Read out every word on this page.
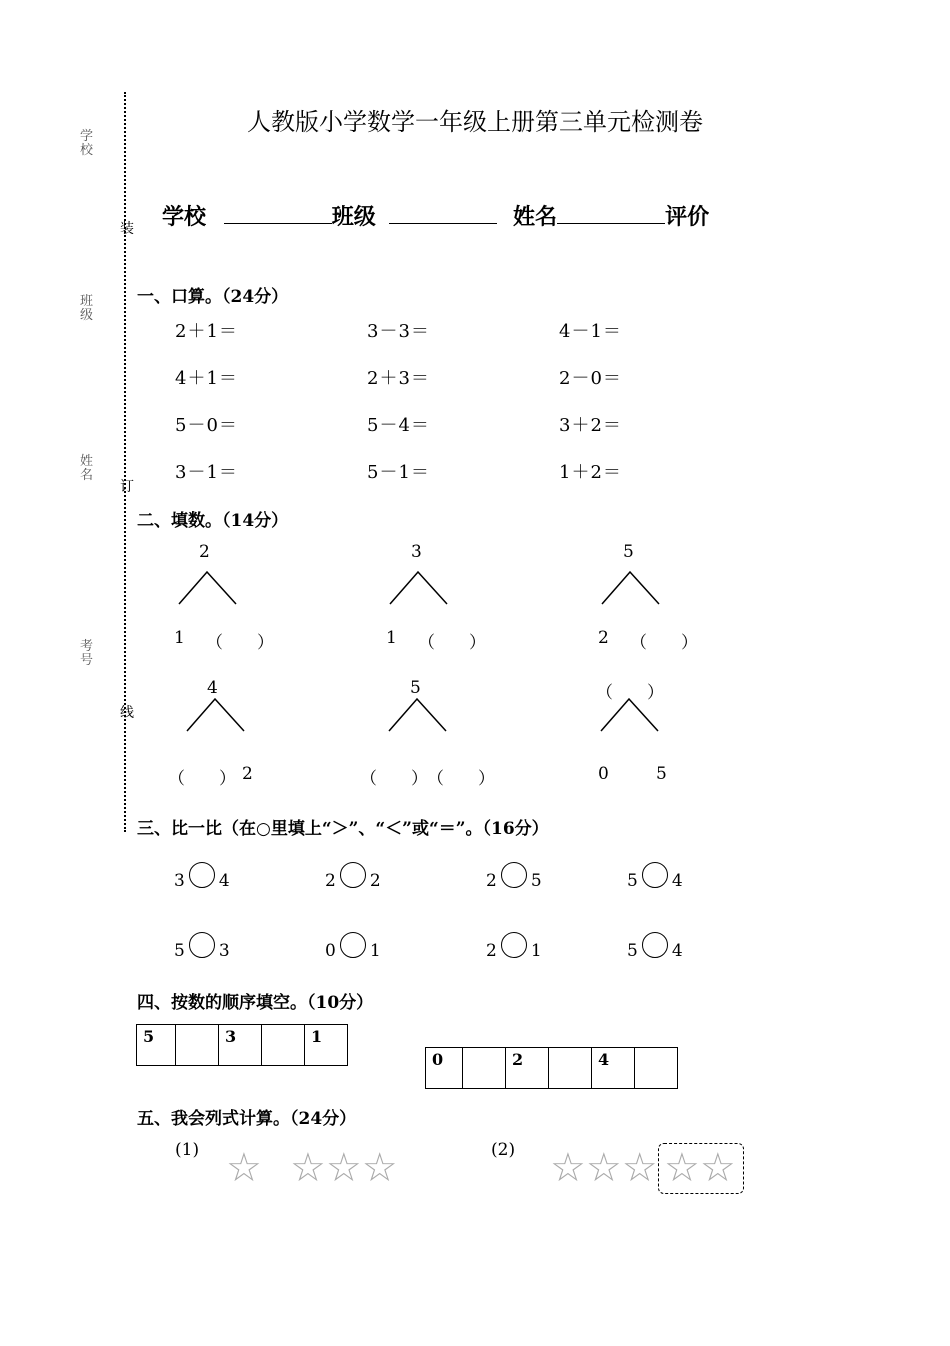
学校
班级
姓名
考号
装
订
线
人教版小学数学一年级上册第三单元检测卷
学校	班级	姓名	评价
一、口算。（24分）
2＋1＝	3－3＝	4－1＝
4＋1＝	2＋3＝	2－0＝
5－0＝	5－4＝	3＋2＝
3－1＝	5－1＝	1＋2＝
二、填数。（14分）
2
1 （　　）
3
1 （　　）
5
2 （　　）
4
（　　） 2
5
（　　） （　　）
（　　）
0	5
三、比一比（在○里填上“＞”、“＜”或“＝”。（16分）
3 4	2 2	2 5	5 4
5 3	0 1	2 1	5 4
四、按数的顺序填空。（10分）
5		3		1
0		2		4	
五、我会列式计算。（24分）
(1) ☆ ☆☆☆	(2) ☆☆☆ ☆☆
